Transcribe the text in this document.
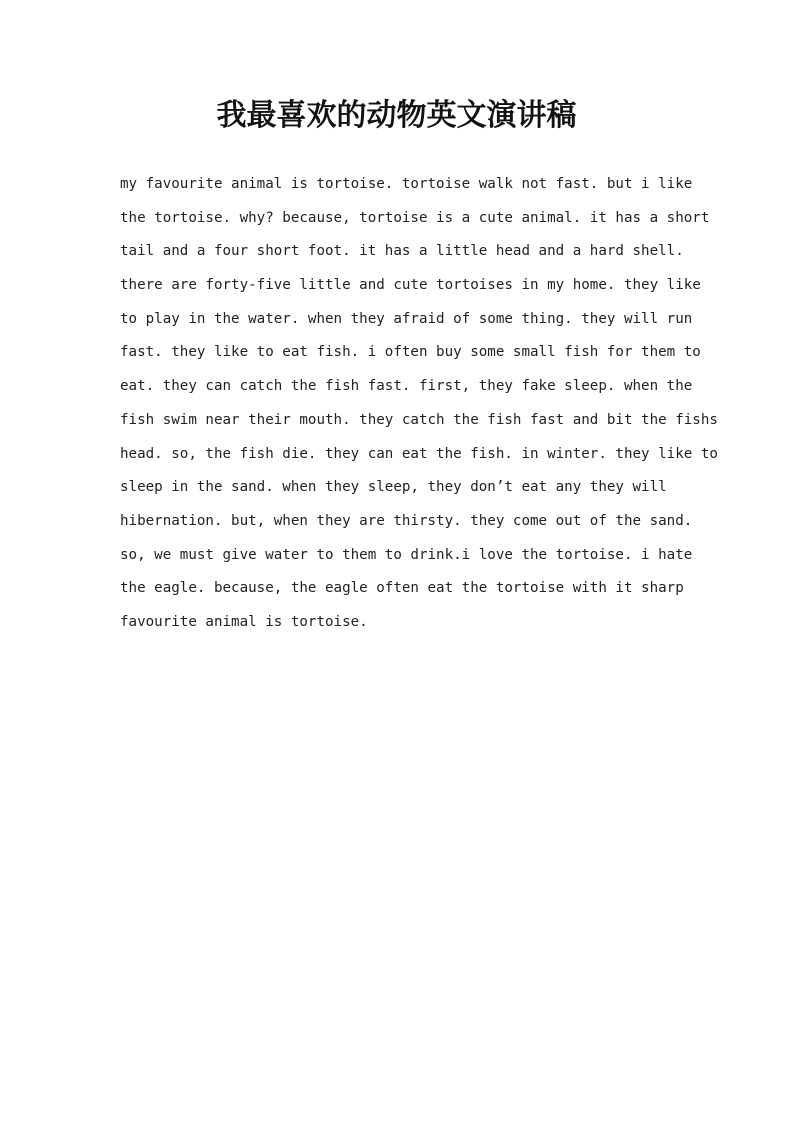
我最喜欢的动物英文演讲稿
my favourite animal is tortoise. tortoise walk not fast. but i like
the tortoise. why? because, tortoise is a cute animal. it has a short
tail and a four short foot. it has a little head and a hard shell.
there are forty-five little and cute tortoises in my home. they like
to play in the water. when they afraid of some thing. they will run
fast. they like to eat fish. i often buy some small fish for them to
eat. they can catch the fish fast. first, they fake sleep. when the
fish swim near their mouth. they catch the fish fast and bit the fishs
head. so, the fish die. they can eat the fish. in winter. they like to
sleep in the sand. when they sleep, they don’t eat any they will
hibernation. but, when they are thirsty. they come out of the sand.
so, we must give water to them to drink.i love the tortoise. i hate
the eagle. because, the eagle often eat the tortoise with it sharp
favourite animal is tortoise.
